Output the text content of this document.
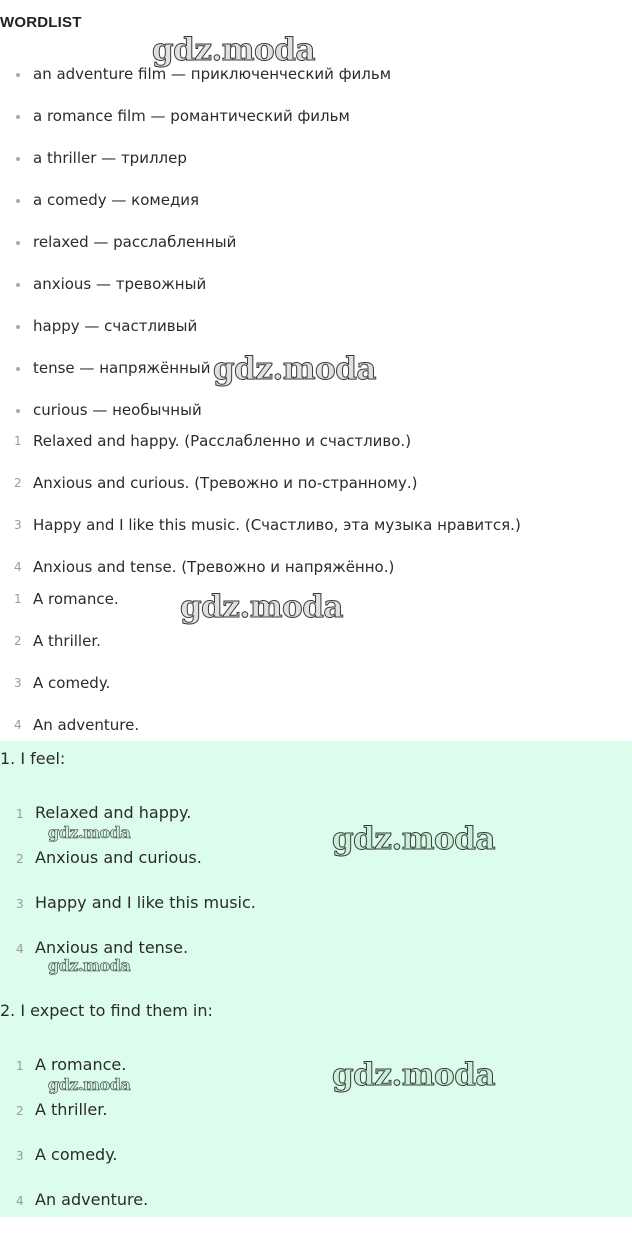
WORDLIST
an adventure film — приключенческий фильм
a romance film — романтический фильм
a thriller — триллер
a comedy — комедия
relaxed — расслабленный
anxious — тревожный
happy — счастливый
tense — напряжённый
curious — необычный
1 Relaxed and happy. (Расслабленно и счастливо.)
2 Anxious and curious. (Тревожно и по-странному.)
3 Happy and I like this music. (Счастливо, эта музыка нравится.)
4 Anxious and tense. (Тревожно и напряжённо.)
1 A romance.
2 A thriller.
3 A comedy.
4 An adventure.
gdz.moda
gdz.moda
gdz.moda
1. I feel:
1 Relaxed and happy.
2 Anxious and curious.
3 Happy and I like this music.
4 Anxious and tense.
2. I expect to find them in:
1 A romance.
2 A thriller.
3 A comedy.
4 An adventure.
gdz.moda	gdz.moda
gdz.moda
gdz.moda	gdz.moda
